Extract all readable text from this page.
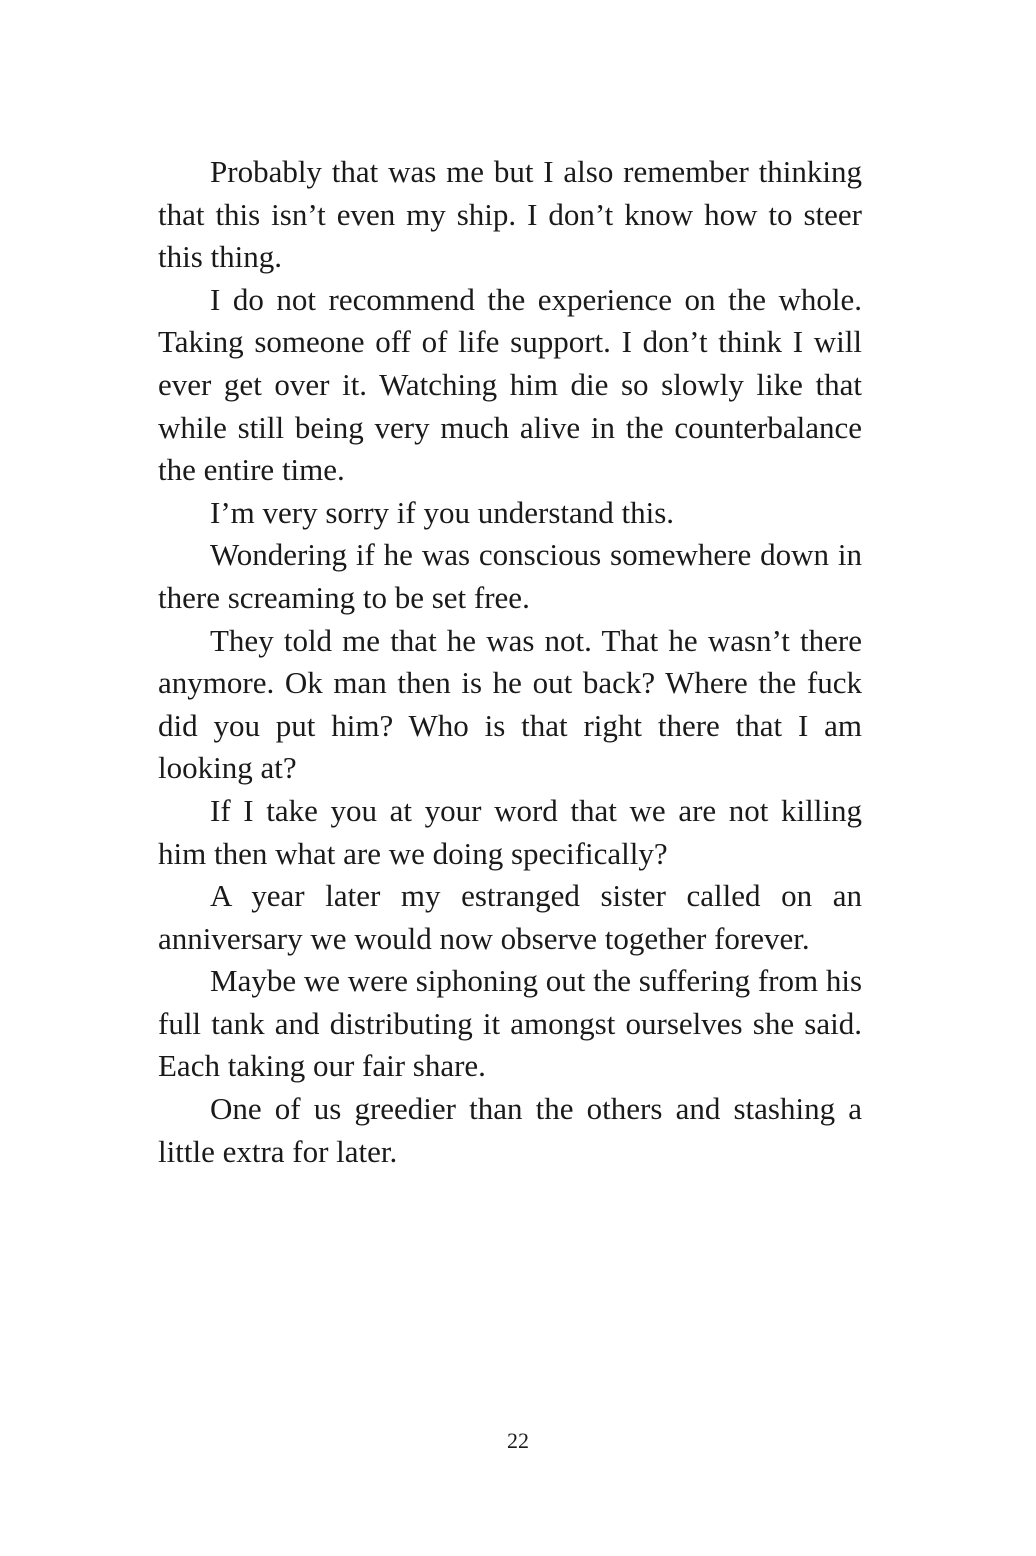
Probably that was me but I also remember thinking that this isn’t even my ship. I don’t know how to steer this thing.

I do not recommend the experience on the whole. Taking someone off of life support. I don’t think I will ever get over it. Watching him die so slowly like that while still being very much alive in the counterbalance the entire time.

I’m very sorry if you understand this.

Wondering if he was conscious somewhere down in there screaming to be set free.

They told me that he was not. That he wasn’t there anymore. Ok man then is he out back? Where the fuck did you put him? Who is that right there that I am looking at?

If I take you at your word that we are not killing him then what are we doing specifically?

A year later my estranged sister called on an anniversary we would now observe together forever.

Maybe we were siphoning out the suffering from his full tank and distributing it amongst ourselves she said. Each taking our fair share.

One of us greedier than the others and stashing a little extra for later.

22
